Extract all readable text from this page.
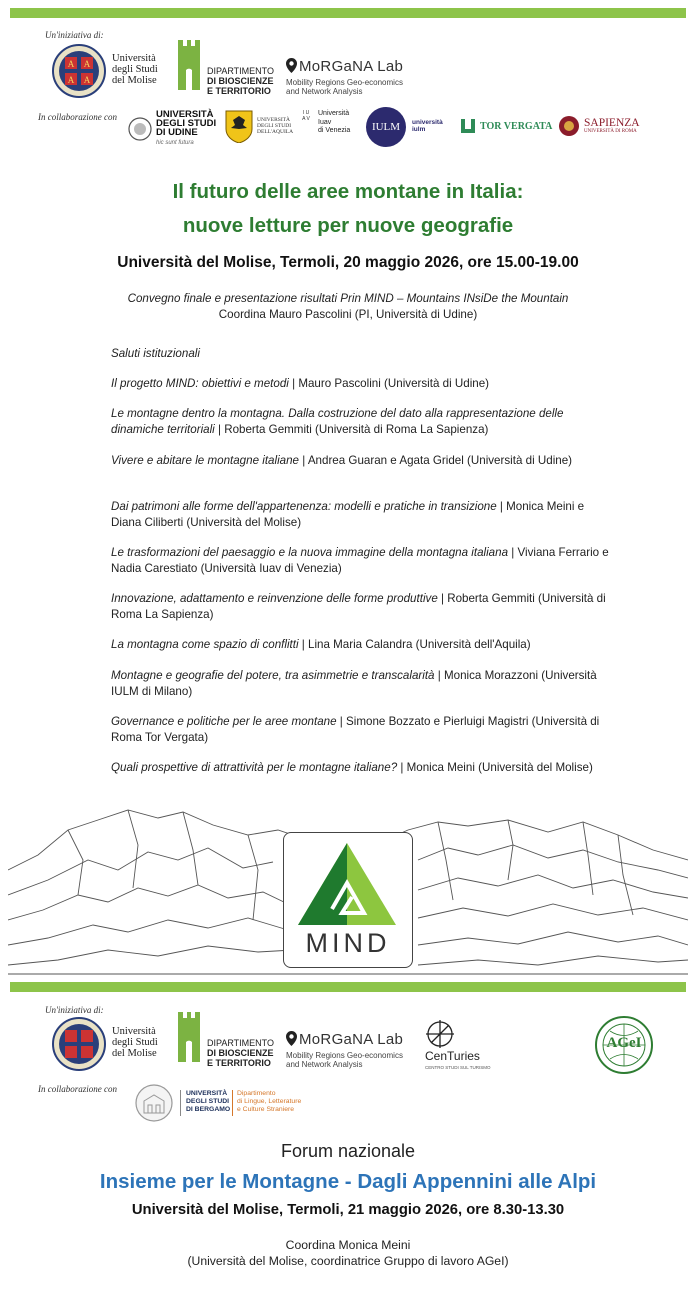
Un'iniziativa di:
A A
A A
Università
degli Studi
del Molise
DIPARTIMENTO
DI BIOSCIENZE
E TERRITORIO
MoRGaNA Lab
Mobility Regions Geo-economics
and Network Analysis
In collaborazione con	UNIVERSITÀ
DEGLI STUDI
DI UDINE
hic sunt futura
UNIVERSITÀ
DEGLI STUDI
DELL'AQUILA
I U A V
Università
Iuav
di Venezia	IULM	università
iulm	TOR VERGATA	SAPIENZA
UNIVERSITÀ DI ROMA
Il futuro delle aree montane in Italia:
nuove letture per nuove geografie
Università del Molise, Termoli, 20 maggio 2026, ore 15.00-19.00
Convegno finale e presentazione risultati Prin MIND – Mountains INsiDe the Mountain
Coordina Mauro Pascolini (PI, Università di Udine)
Saluti istituzionali
Il progetto MIND: obiettivi e metodi | Mauro Pascolini (Università di Udine)
Le montagne dentro la montagna. Dalla costruzione del dato alla rappresentazione delle dinamiche territoriali | Roberta Gemmiti (Università di Roma La Sapienza)
Vivere e abitare le montagne italiane | Andrea Guaran e Agata Gridel (Università di Udine)
Dai patrimoni alle forme dell'appartenenza: modelli e pratiche in transizione | Monica Meini e Diana Ciliberti (Università del Molise)
Le trasformazioni del paesaggio e la nuova immagine della montagna italiana | Viviana Ferrario e Nadia Carestiato (Università Iuav di Venezia)
Innovazione, adattamento e reinvenzione delle forme produttive | Roberta Gemmiti (Università di Roma La Sapienza)
La montagna come spazio di conflitti | Lina Maria Calandra (Università dell'Aquila)
Montagne e geografie del potere, tra asimmetrie e transcalarità | Monica Morazzoni (Università IULM di Milano)
Governance e politiche per le aree montane | Simone Bozzato e Pierluigi Magistri (Università di Roma Tor Vergata)
Quali prospettive di attrattività per le montagne italiane? | Monica Meini (Università del Molise)
MIND
Un'iniziativa di:
Università
degli Studi
del Molise
DIPARTIMENTO
DI BIOSCIENZE
E TERRITORIO
MoRGaNA Lab
Mobility Regions Geo-economics
and Network Analysis
CenTuries
CENTRO STUDI SUL TURISMO
AGeI
In collaborazione con	UNIVERSITÀ
DEGLI STUDI
DI BERGAMO
Dipartimento
di Lingue, Letterature
e Culture Straniere
Forum nazionale
Insieme per le Montagne - Dagli Appennini alle Alpi
Università del Molise, Termoli, 21 maggio 2026, ore 8.30-13.30
Coordina Monica Meini
(Università del Molise, coordinatrice Gruppo di lavoro AGeI)
